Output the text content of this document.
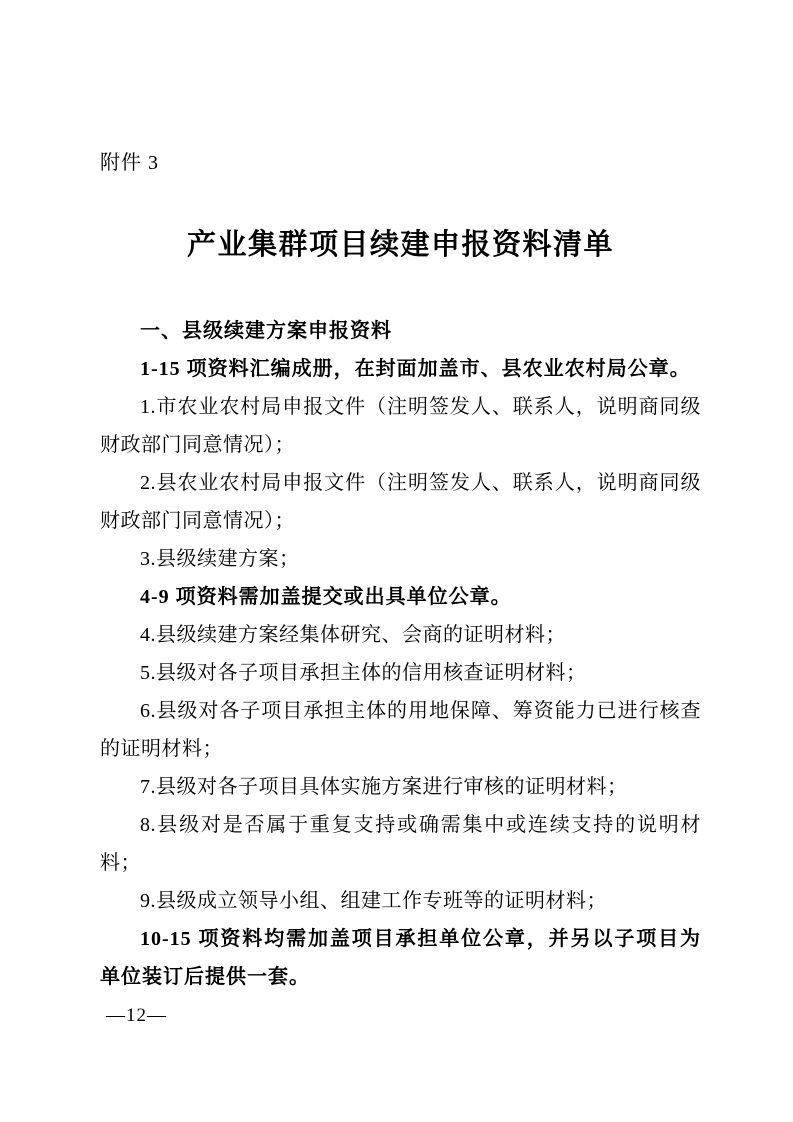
附件 3
产业集群项目续建申报资料清单

一、县级续建方案申报资料

1-15 项资料汇编成册，在封面加盖市、县农业农村局公章。

1.市农业农村局申报文件（注明签发人、联系人，说明商同级财政部门同意情况）；

2.县农业农村局申报文件（注明签发人、联系人，说明商同级财政部门同意情况）；

3.县级续建方案；

4-9 项资料需加盖提交或出具单位公章。

4.县级续建方案经集体研究、会商的证明材料；

5.县级对各子项目承担主体的信用核查证明材料；

6.县级对各子项目承担主体的用地保障、筹资能力已进行核查的证明材料；

7.县级对各子项目具体实施方案进行审核的证明材料；

8.县级对是否属于重复支持或确需集中或连续支持的说明材料；

9.县级成立领导小组、组建工作专班等的证明材料；

10-15 项资料均需加盖项目承担单位公章，并另以子项目为单位装订后提供一套。

—12—
